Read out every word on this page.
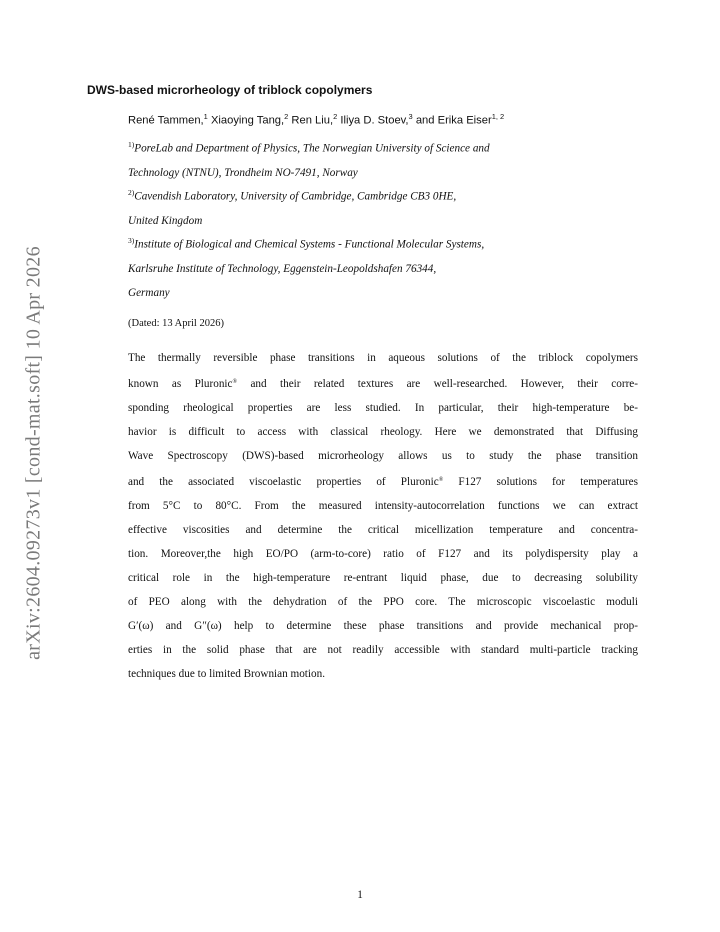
arXiv:2604.09273v1 [cond-mat.soft] 10 Apr 2026
DWS-based microrheology of triblock copolymers
René Tammen,$^1$ Xiaoying Tang,$^2$ Ren Liu,$^2$ Iliya D. Stoev,$^3$ and Erika Eiser$^{1, 2}$
$^{1)}$PoreLab and Department of Physics, The Norwegian University of Science and
Technology (NTNU), Trondheim NO-7491, Norway
$^{2)}$Cavendish Laboratory, University of Cambridge, Cambridge CB3 0HE,
United Kingdom
$^{3)}$Institute of Biological and Chemical Systems - Functional Molecular Systems,
Karlsruhe Institute of Technology, Eggenstein-Leopoldshafen 76344,
Germany
(Dated: 13 April 2026)
The thermally reversible phase transitions in aqueous solutions of the triblock copolymers
known as Pluronic® and their related textures are well-researched. However, their corre-
sponding rheological properties are less studied. In particular, their high-temperature be-
havior is difficult to access with classical rheology. Here we demonstrated that Diffusing
Wave Spectroscopy (DWS)-based microrheology allows us to study the phase transition
and the associated viscoelastic properties of Pluronic® F127 solutions for temperatures
from 5°C to 80°C. From the measured intensity-autocorrelation functions we can extract
effective viscosities and determine the critical micellization temperature and concentra-
tion. Moreover,the high EO/PO (arm-to-core) ratio of F127 and its polydispersity play a
critical role in the high-temperature re-entrant liquid phase, due to decreasing solubility
of PEO along with the dehydration of the PPO core. The microscopic viscoelastic moduli
G′(ω) and G″(ω) help to determine these phase transitions and provide mechanical prop-
erties in the solid phase that are not readily accessible with standard multi-particle tracking
techniques due to limited Brownian motion.
1
